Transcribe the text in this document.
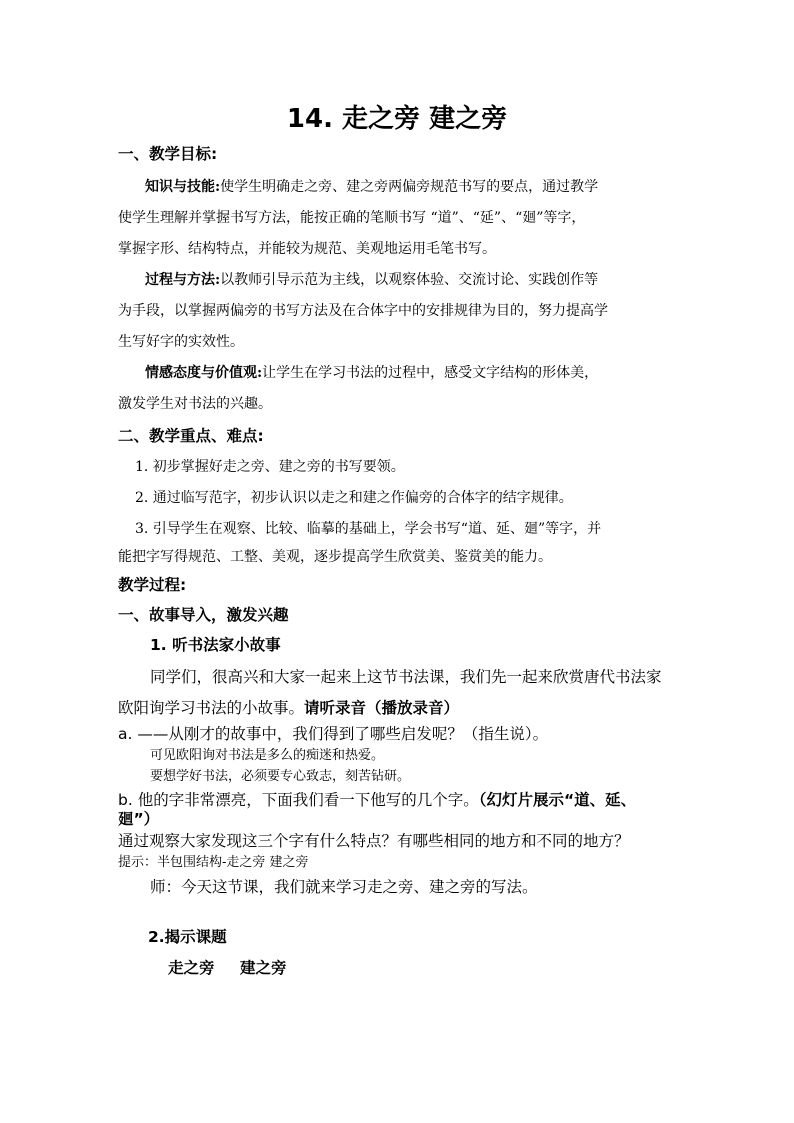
14. 走之旁 建之旁
一、教学目标:
知识与技能:使学生明确走之旁、建之旁两偏旁规范书写的要点，通过教学
使学生理解并掌握书写方法，能按正确的笔顺书写 “道”、“延”、“廻”等字，
掌握字形、结构特点，并能较为规范、美观地运用毛笔书写。
过程与方法:以教师引导示范为主线，以观察体验、交流讨论、实践创作等
为手段，以掌握两偏旁的书写方法及在合体字中的安排规律为目的，努力提高学
生写好字的实效性。
情感态度与价值观:让学生在学习书法的过程中，感受文字结构的形体美，
激发学生对书法的兴趣。
二、教学重点、难点:
1. 初步掌握好走之旁、建之旁的书写要领。
2. 通过临写范字，初步认识以走之和建之作偏旁的合体字的结字规律。
3. 引导学生在观察、比较、临摹的基础上，学会书写“道、延、廻”等字，并
能把字写得规范、工整、美观，逐步提高学生欣赏美、鉴赏美的能力。
教学过程:
一、故事导入，激发兴趣
1. 听书法家小故事
同学们，很高兴和大家一起来上这节书法课，我们先一起来欣赏唐代书法家
欧阳询学习书法的小故事。请听录音（播放录音）
a. ——从刚才的故事中，我们得到了哪些启发呢？（指生说）。
可见欧阳询对书法是多么的痴迷和热爱。
要想学好书法，必须要专心致志，刻苦钻研。
b. 他的字非常漂亮，下面我们看一下他写的几个字。（幻灯片展示“道、延、
廻”）
通过观察大家发现这三个字有什么特点？有哪些相同的地方和不同的地方？
提示：半包围结构-走之旁 建之旁
师：今天这节课，我们就来学习走之旁、建之旁的写法。
2.揭示课题
走之旁 建之旁
